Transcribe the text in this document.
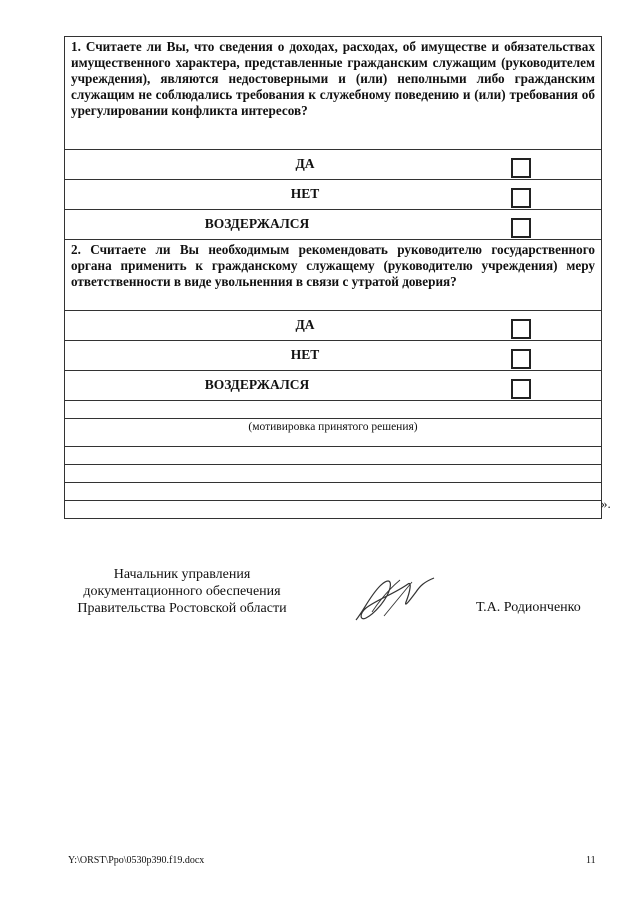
1. Считаете ли Вы, что сведения о доходах, расходах, об имуществе и обязательствах имущественного характера, представленные гражданским служащим (руководителем учреждения), являются недостоверными и (или) неполными либо гражданским служащим не соблюдались требования к служебному поведению и (или) требования об урегулировании конфликта интересов?
ДА
НЕТ
ВОЗДЕРЖАЛСЯ
2. Считаете ли Вы необходимым рекомендовать руководителю государственного органа применить к гражданскому служащему (руководителю учреждения) меру ответственности в виде увольненния в связи с утратой доверия?
ДА
НЕТ
ВОЗДЕРЖАЛСЯ
(мотивировка принятого решения)
».
Начальник управления
документационного обеспечения
Правительства Ростовской области	Т.А. Родионченко
Y:\ORST\Ppo\0530p390.f19.docx	11
